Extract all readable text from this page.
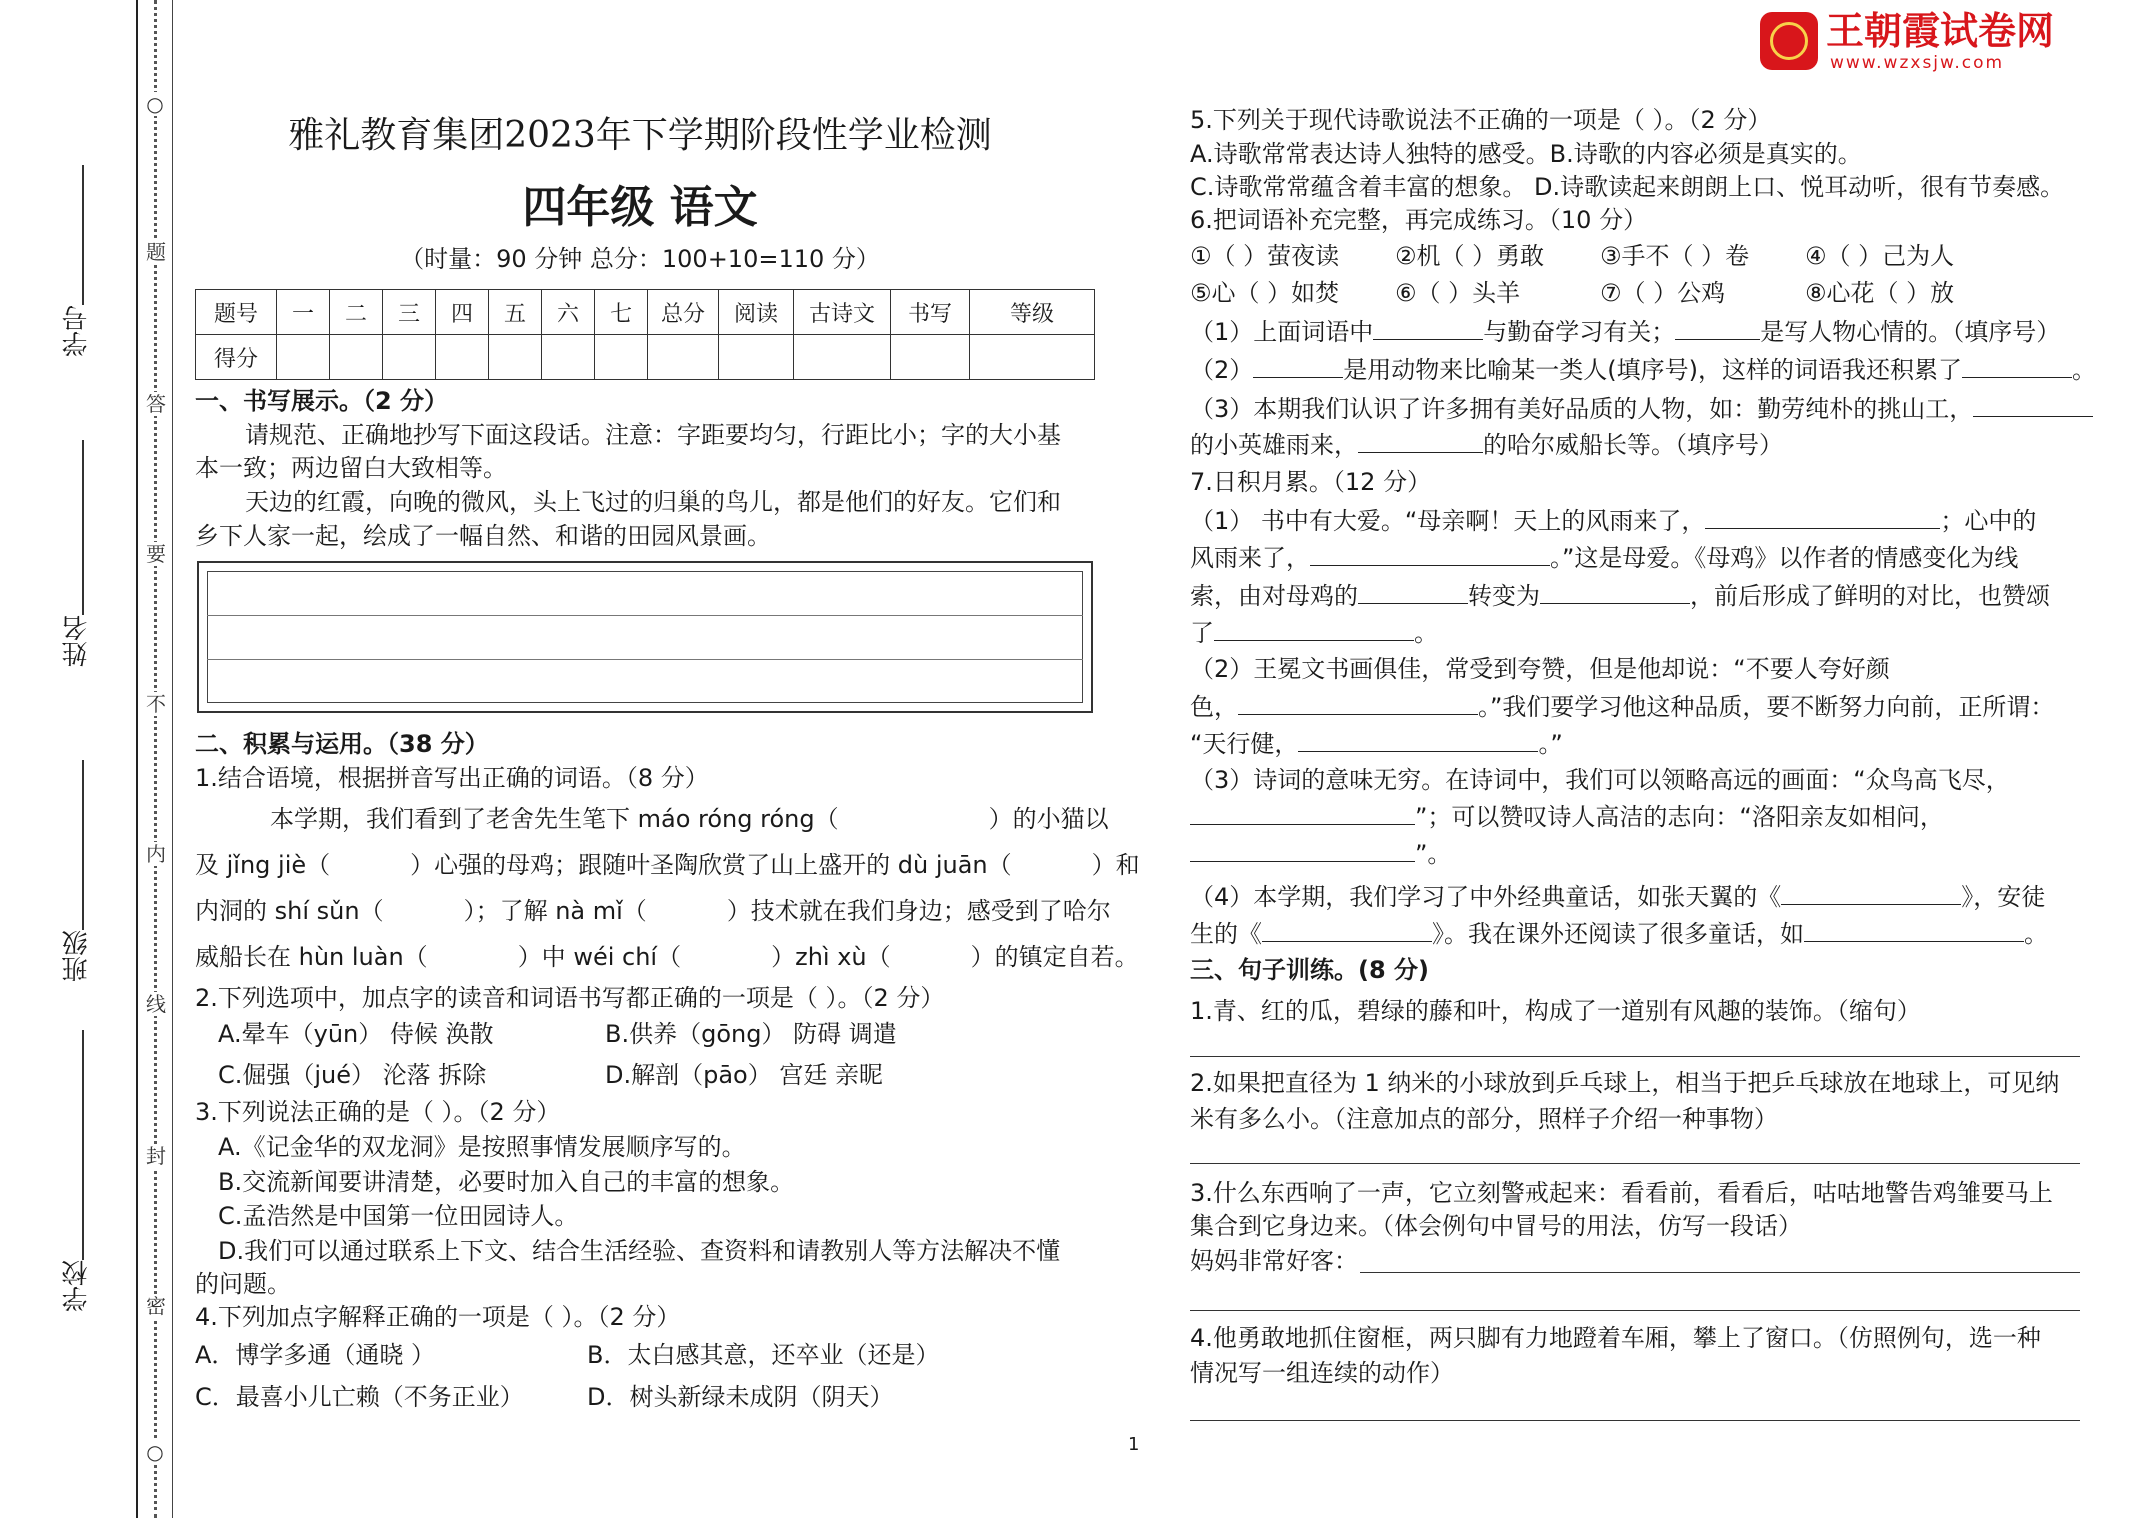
○
题
答
要
不
内
线
封
密
○
学号
姓名
班级
学校
王朝霞试卷网
www.wzxsjw.com
雅礼教育集团2023年下学期阶段性学业检测
四年级 语文
（时量：90 分钟 总分：100+10=110 分）
题号	一	二	三	四	五	六	七	总分	阅读	古诗文	书写	等级
得分												
一、书写展示。（2 分）
请规范、正确地抄写下面这段话。注意：字距要均匀，行距比小；字的大小基
本一致；两边留白大致相等。
天边的红霞，向晚的微风，头上飞过的归巢的鸟儿，都是他们的好友。它们和
乡下人家一起，绘成了一幅自然、和谐的田园风景画。
二、积累与运用。（38 分）
1.结合语境，根据拼音写出正确的词语。（8 分）
本学期，我们看到了老舍先生笔下 máo róng róng（	）的小猫以
及 jǐng jiè（	）心强的母鸡；跟随叶圣陶欣赏了山上盛开的 dù juān（	）和
内洞的 shí sǔn（	）；了解 nà mǐ（	）技术就在我们身边；感受到了哈尔
威船长在 hùn luàn（	）中 wéi chí（	）zhì xù（	）的镇定自若。
2.下列选项中，加点字的读音和词语书写都正确的一项是（ ）。（2 分）
A.晕车（yūn） 侍候 涣散	B.供养（gōng） 防碍 调遣
C.倔强（jué） 沦落 拆除	D.解剖（pāo） 宫廷 亲昵
3.下列说法正确的是（ ）。（2 分）
A.《记金华的双龙洞》是按照事情发展顺序写的。
B.交流新闻要讲清楚，必要时加入自己的丰富的想象。
C.孟浩然是中国第一位田园诗人。
D.我们可以通过联系上下文、结合生活经验、查资料和请教别人等方法解决不懂
的问题。
4.下列加点字解释正确的一项是（ ）。（2 分）
A．博学多通（通晓 ）	B．太白感其意，还卒业（还是）
C．最喜小儿亡赖（不务正业）	D．树头新绿未成阴（阴天）
1
5.下列关于现代诗歌说法不正确的一项是（ ）。（2 分）
A.诗歌常常表达诗人独特的感受。B.诗歌的内容必须是真实的。
C.诗歌常常蕴含着丰富的想象。 D.诗歌读起来朗朗上口、悦耳动听，很有节奏感。
6.把词语补充完整，再完成练习。（10 分）
①（ ）萤夜读 ②机（ ）勇敢 ③手不（ ）卷 ④（ ）己为人
⑤心（ ）如焚 ⑥（ ）头羊	⑦（ ）公鸡	⑧心花（ ）放
（1）上面词语中	与勤奋学习有关；	是写人物心情的。（填序号）
（2）	是用动物来比喻某一类人(填序号)，这样的词语我还积累了	。
（3）本期我们认识了许多拥有美好品质的人物，如：勤劳纯朴的挑山工，
的小英雄雨来，	的哈尔威船长等。（填序号）
7.日积月累。（12 分）
（1） 书中有大爱。“母亲啊！天上的风雨来了，	；心中的
风雨来了，	。”这是母爱。《母鸡》以作者的情感变化为线
索，由对母鸡的	转变为	，前后形成了鲜明的对比，也赞颂
了	。
（2）王冕文书画俱佳，常受到夸赞，但是他却说：“不要人夸好颜
色，	。”我们要学习他这种品质，要不断努力向前，正所谓：
“天行健，	。”
（3）诗词的意味无穷。在诗词中，我们可以领略高远的画面：“众鸟高飞尽，
”；可以赞叹诗人高洁的志向：“洛阳亲友如相问，
”。
（4）本学期，我们学习了中外经典童话，如张天翼的《	》，安徒
生的《	》。我在课外还阅读了很多童话，如	。
三、句子训练。(8 分)
1.青、红的瓜，碧绿的藤和叶，构成了一道别有风趣的装饰。（缩句）
2.如果把直径为 1 纳米的小球放到乒乓球上，相当于把乒乓球放在地球上，可见纳
米有多么小。（注意加点的部分，照样子介绍一种事物）
3.什么东西响了一声，它立刻警戒起来：看看前，看看后，咕咕地警告鸡雏要马上
集合到它身边来。（体会例句中冒号的用法，仿写一段话）
妈妈非常好客：
4.他勇敢地抓住窗框，两只脚有力地蹬着车厢，攀上了窗口。（仿照例句，选一种
情况写一组连续的动作）
